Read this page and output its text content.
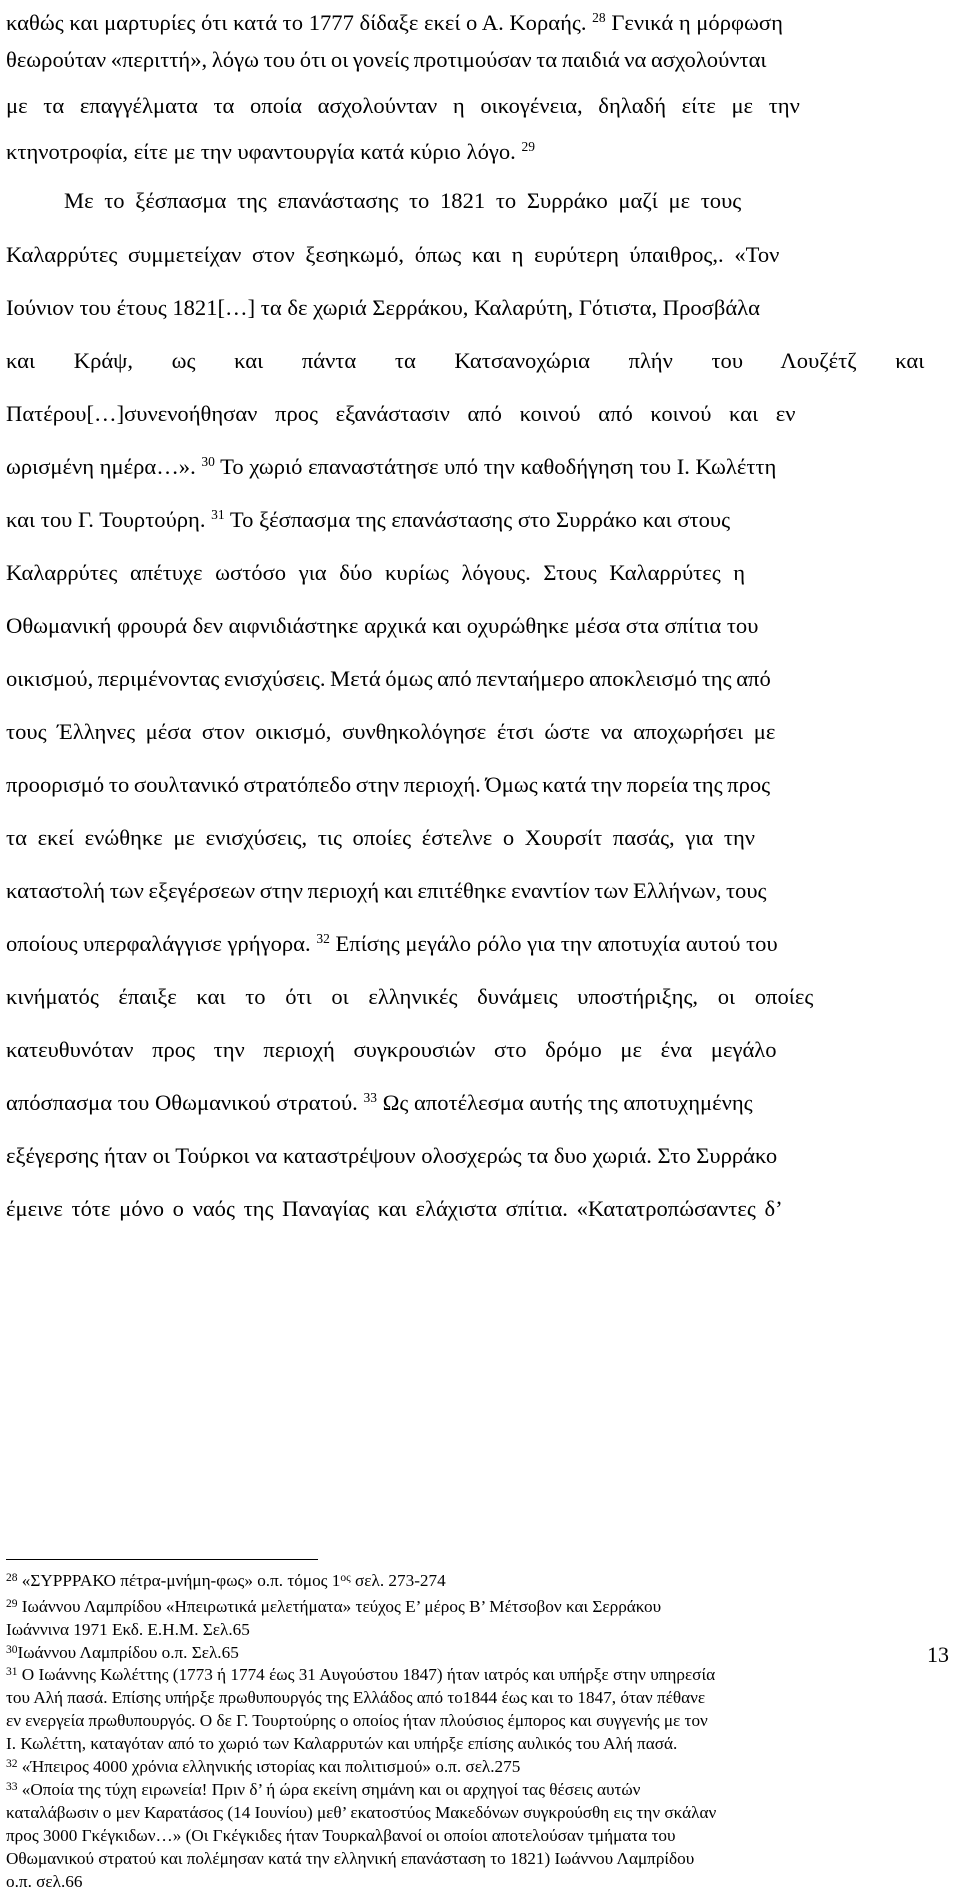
καθώς και μαρτυρίες ότι κατά το 1777 δίδαξε εκεί ο Α. Κοραής. $^{28}$ Γενικά η μόρφωση
θεωρούταν «περιττή», λόγω του ότι οι γονείς προτιμούσαν τα παιδιά να ασχολούνται
με τα επαγγέλματα τα οποία ασχολούνταν η οικογένεια, δηλαδή είτε με την
κτηνοτροφία, είτε με την υφαντουργία κατά κύριο λόγο. $^{29}$
Με το ξέσπασμα της επανάστασης το 1821 το Συρράκο μαζί με τους
Καλαρρύτες συμμετείχαν στον ξεσηκωμό, όπως και η ευρύτερη ύπαιθρος,. «Τον
Ιούνιον του έτους 1821[…] τα δε χωριά Σερράκου, Καλαρύτη, Γότιστα, Προσβάλα
και Κράψ, ως και πάντα τα Κατσανοχώρια πλήν του Λουζέτζ και
Πατέρου[…]συνενοήθησαν προς εξανάστασιν από κοινού από κοινού και εν
ωρισμένη ημέρα…». $^{30}$ Το χωριό επαναστάτησε υπό την καθοδήγηση του Ι. Κωλέττη
και του Γ. Τουρτούρη. $^{31}$ Το ξέσπασμα της επανάστασης στο Συρράκο και στους
Καλαρρύτες απέτυχε ωστόσο για δύο κυρίως λόγους. Στους Καλαρρύτες η
Οθωμανική φρουρά δεν αιφνιδιάστηκε αρχικά και οχυρώθηκε μέσα στα σπίτια του
οικισμού, περιμένοντας ενισχύσεις. Μετά όμως από πενταήμερο αποκλεισμό της από
τους Έλληνες μέσα στον οικισμό, συνθηκολόγησε έτσι ώστε να αποχωρήσει με
προορισμό το σουλτανικό στρατόπεδο στην περιοχή. Όμως κατά την πορεία της προς
τα εκεί ενώθηκε με ενισχύσεις, τις οποίες έστελνε ο Χουρσίτ πασάς, για την
καταστολή των εξεγέρσεων στην περιοχή και επιτέθηκε εναντίον των Ελλήνων, τους
οποίους υπερφαλάγγισε γρήγορα. $^{32}$ Επίσης μεγάλο ρόλο για την αποτυχία αυτού του
κινήματός έπαιξε και το ότι οι ελληνικές δυνάμεις υποστήριξης, οι οποίες
κατευθυνόταν προς την περιοχή συγκρουσιών στο δρόμο με ένα μεγάλο
απόσπασμα του Οθωμανικού στρατού. $^{33}$ Ως αποτέλεσμα αυτής της αποτυχημένης
εξέγερσης ήταν οι Τούρκοι να καταστρέψουν ολοσχερώς τα δυο χωριά. Στο Συρράκο
έμεινε τότε μόνο ο ναός της Παναγίας και ελάχιστα σπίτια. «Κατατροπώσαντες δ’
$^{28}$ «ΣΥΡΡΡΑΚΟ πέτρα-μνήμη-φως» ο.π. τόμος $1^{o\varsigma}$ σελ. 273-274
$^{29}$ Ιωάννου Λαμπρίδου «Ηπειρωτικά μελετήματα» τεύχος Ε’ μέρος Β’ Μέτσοβον και Σερράκου
Ιωάννινα 1971 Εκδ. Ε.Η.Μ. Σελ.65
$^{30}$Ιωάννου Λαμπρίδου ο.π. Σελ.65	13
$^{31}$ Ο Ιωάννης Κωλέττης (1773 ή 1774 έως 31 Αυγούστου 1847) ήταν ιατρός και υπήρξε στην υπηρεσία
του Αλή πασά. Επίσης υπήρξε πρωθυπουργός της Ελλάδος από το1844 έως και το 1847, όταν πέθανε
εν ενεργεία πρωθυπουργός. Ο δε Γ. Τουρτούρης ο οποίος ήταν πλούσιος έμπορος και συγγενής με τον
Ι. Κωλέττη, καταγόταν από το χωριό των Καλαρρυτών και υπήρξε επίσης αυλικός του Αλή πασά.
$^{32}$ «Ήπειρος 4000 χρόνια ελληνικής ιστορίας και πολιτισμού» ο.π. σελ.275
$^{33}$ «Οποία της τύχη ειρωνεία! Πριν δ’ ή ώρα εκείνη σημάνη και οι αρχηγοί τας θέσεις αυτών
καταλάβωσιν ο μεν Καρατάσος (14 Ιουνίου) μεθ’ εκατοστύος Μακεδόνων συγκρούσθη εις την σκάλαν
προς 3000 Γκέγκιδων…» (Οι Γκέγκιδες ήταν Τουρκαλβανοί οι οποίοι αποτελούσαν τμήματα του
Οθωμανικού στρατού και πολέμησαν κατά την ελληνική επανάσταση το 1821) Ιωάννου Λαμπρίδου
ο.π. σελ.66
